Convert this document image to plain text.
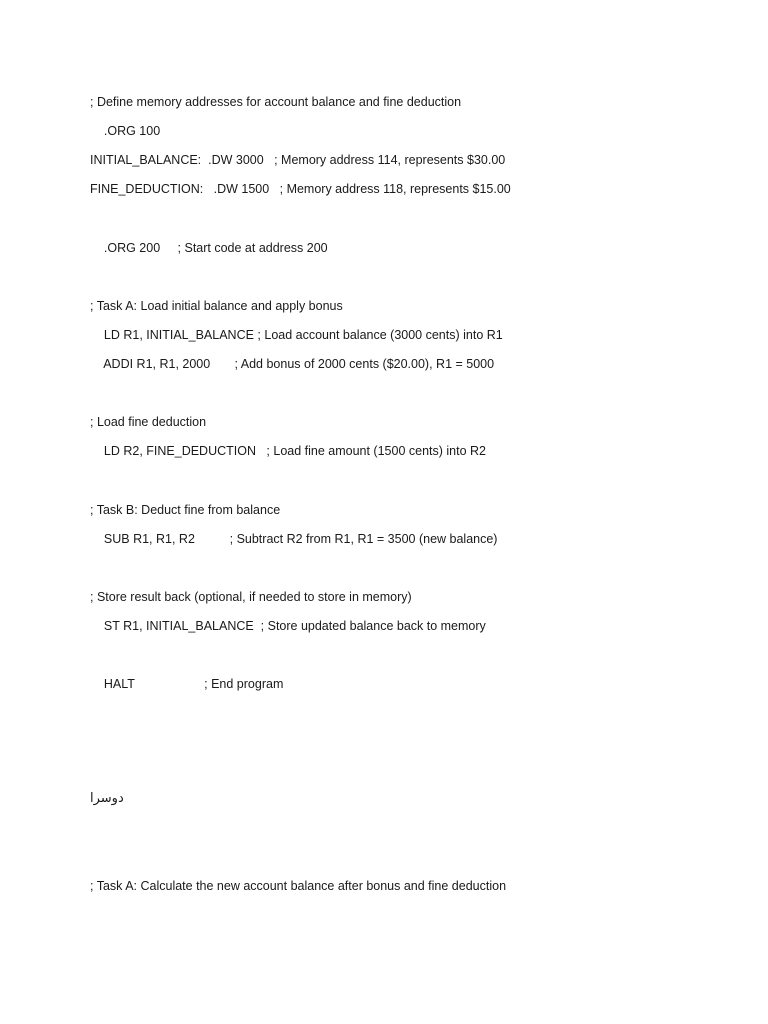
; Define memory addresses for account balance and fine deduction
.ORG 100
INITIAL_BALANCE:  .DW 3000   ; Memory address 114, represents $30.00
FINE_DEDUCTION:   .DW 1500   ; Memory address 118, represents $15.00
.ORG 200     ; Start code at address 200
; Task A: Load initial balance and apply bonus
LD R1, INITIAL_BALANCE ; Load account balance (3000 cents) into R1
ADDI R1, R1, 2000       ; Add bonus of 2000 cents ($20.00), R1 = 5000
; Load fine deduction
LD R2, FINE_DEDUCTION   ; Load fine amount (1500 cents) into R2
; Task B: Deduct fine from balance
SUB R1, R1, R2          ; Subtract R2 from R1, R1 = 3500 (new balance)
; Store result back (optional, if needed to store in memory)
ST R1, INITIAL_BALANCE  ; Store updated balance back to memory
HALT                    ; End program
دوسرا
; Task A: Calculate the new account balance after bonus and fine deduction
